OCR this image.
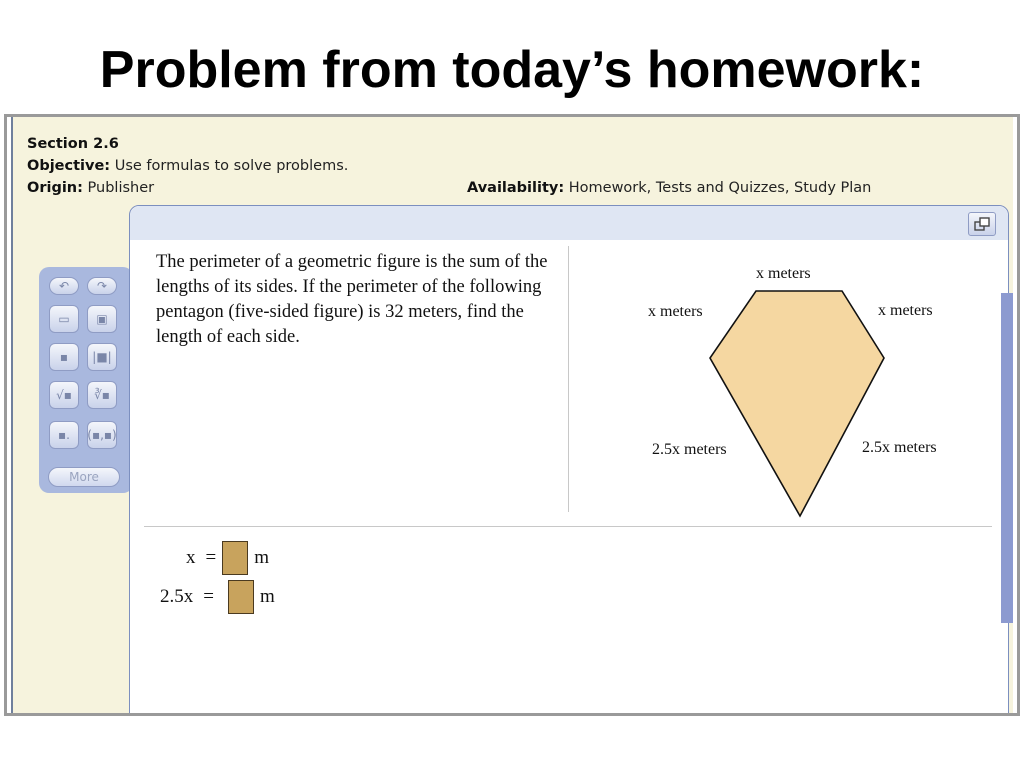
Problem from today’s homework:
Section 2.6
Objective: Use formulas to solve problems.
Origin: Publisher	Availability: Homework, Tests and Quizzes, Study Plan
↶	↷
▭	▣
▪	|■|
√▪	∛▪
▪.	(▪,▪)
More
The perimeter of a geometric figure is the sum of the lengths of its sides. If the perimeter of the following pentagon (five-sided figure) is 32 meters, find the length of each side.
x meters
x meters	x meters
2.5x meters	2.5x meters
x = m
2.5x = m
